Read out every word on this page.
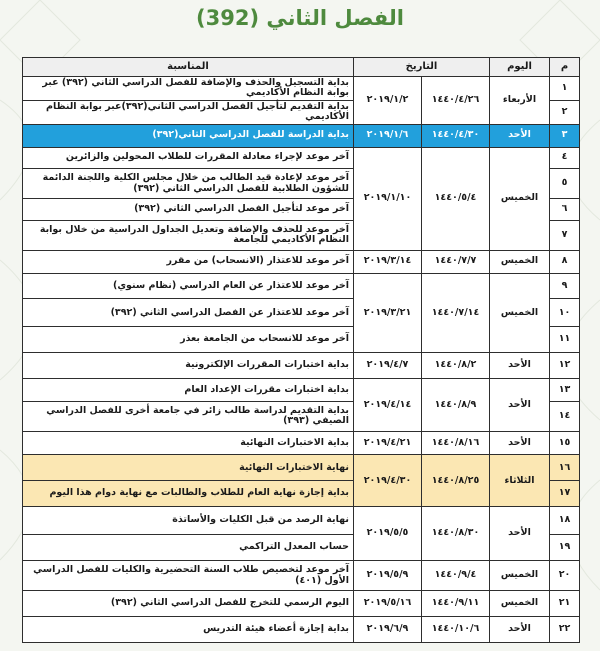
الفصل الثاني (392)
م	اليوم	التاريخ		المناسبة
١	الأربعاء	١٤٤٠/٤/٢٦	٢٠١٩/١/٢	بداية التسجيل والحذف والإضافة للفصل الدراسي الثاني (٣٩٢) عبر بوابة النظام الأكاديمي
٢				بداية التقديم لتأجيل الفصل الدراسي الثاني(٣٩٢)عبر بوابة النظام الأكاديمي
٣	الأحد	١٤٤٠/٤/٣٠	٢٠١٩/١/٦	بداية الدراسة للفصل الدراسي الثاني(٣٩٢)
٤	الخميس	١٤٤٠/٥/٤	٢٠١٩/١/١٠	آخر موعد لإجراء معادلة المقررات للطلاب المحولين والزائرين
٥				آخر موعد لإعادة قيد الطالب من خلال مجلس الكلية واللجنة الدائمة للشؤون الطلابية للفصل الدراسي الثاني (٣٩٢)
٦				آخر موعد لتأجيل الفصل الدراسي الثاني (٣٩٢)
٧				آخر موعد للحذف والإضافة وتعديل الجداول الدراسية من خلال بوابة النظام الأكاديمي للجامعة
٨	الخميس	١٤٤٠/٧/٧	٢٠١٩/٣/١٤	آخر موعد للاعتذار (الانسحاب) من مقرر
٩	الخميس	١٤٤٠/٧/١٤	٢٠١٩/٣/٢١	آخر موعد للاعتذار عن العام الدراسي (نظام سنوي)
١٠				آخر موعد للاعتذار عن الفصل الدراسي الثاني (٣٩٢)
١١				آخر موعد للانسحاب من الجامعة بعذر
١٢	الأحد	١٤٤٠/٨/٢	٢٠١٩/٤/٧	بداية اختبارات المقررات الإلكترونية
١٣	الأحد	١٤٤٠/٨/٩	٢٠١٩/٤/١٤	بداية اختبارات مقررات الإعداد العام
١٤				بداية التقديم لدراسة طالب زائر في جامعة أخرى للفصل الدراسي الصيفي (٣٩٣)
١٥	الأحد	١٤٤٠/٨/١٦	٢٠١٩/٤/٢١	بداية الاختبارات النهائية
١٦	الثلاثاء	١٤٤٠/٨/٢٥	٢٠١٩/٤/٣٠	نهاية الاختبارات النهائية
١٧				بداية إجازة نهاية العام للطلاب والطالبات مع نهاية دوام هذا اليوم
١٨	الأحد	١٤٤٠/٨/٣٠	٢٠١٩/٥/٥	نهاية الرصد من قبل الكليات والأساتذة
١٩				حساب المعدل التراكمي
٢٠	الخميس	١٤٤٠/٩/٤	٢٠١٩/٥/٩	آخر موعد لتخصيص طلاب السنة التحضيرية والكليات للفصل الدراسي الأول (٤٠١)
٢١	الخميس	١٤٤٠/٩/١١	٢٠١٩/٥/١٦	اليوم الرسمي للتخرج للفصل الدراسي الثاني (٣٩٢)
٢٢	الأحد	١٤٤٠/١٠/٦	٢٠١٩/٦/٩	بداية إجازة أعضاء هيئة التدريس
